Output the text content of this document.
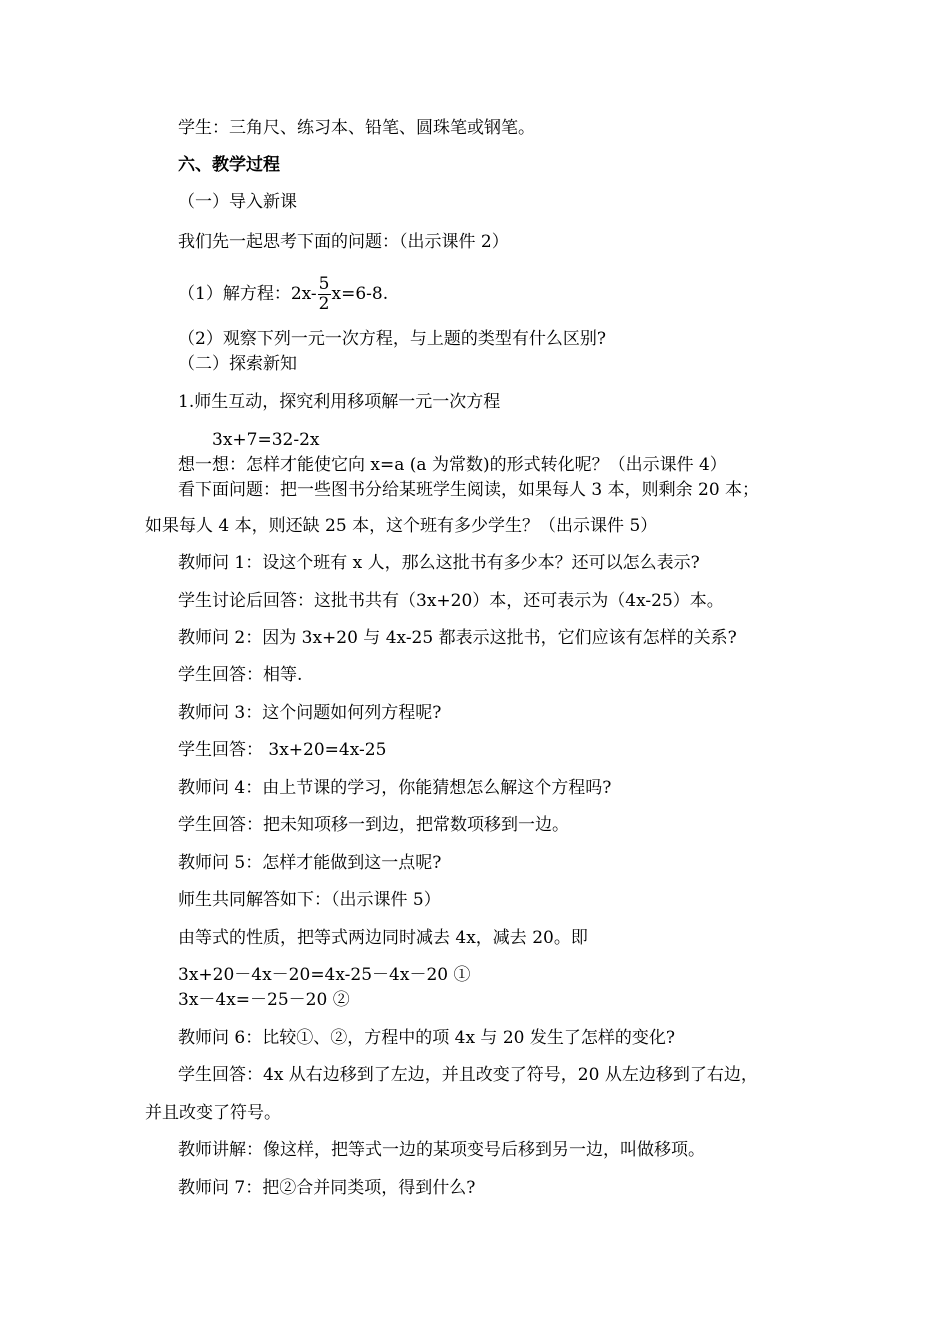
学生：三角尺、练习本、铅笔、圆珠笔或钢笔。
六、教学过程
（一）导入新课
我们先一起思考下面的问题：（出示课件 2）
（1）解方程：$2x- \frac{5}{2} x=6-8$.
（2）观察下列一元一次方程，与上题的类型有什么区别?
（二）探索新知
1.师生互动，探究利用移项解一元一次方程
3x+7=32-2x
想一想：怎样才能使它向 x=a (a 为常数)的形式转化呢？（出示课件 4）
看下面问题：把一些图书分给某班学生阅读，如果每人 3 本，则剩余 20 本；
如果每人 4 本，则还缺 25 本，这个班有多少学生？（出示课件 5）
教师问 1：设这个班有 x 人，那么这批书有多少本？还可以怎么表示?
学生讨论后回答：这批书共有（3x+20）本，还可表示为（4x-25）本。
教师问 2：因为 3x+20 与 4x-25 都表示这批书，它们应该有怎样的关系?
学生回答：相等.
教师问 3：这个问题如何列方程呢?
学生回答： 3x+20=4x-25
教师问 4：由上节课的学习，你能猜想怎么解这个方程吗?
学生回答：把未知项移一到边，把常数项移到一边。
教师问 5：怎样才能做到这一点呢?
师生共同解答如下：（出示课件 5）
由等式的性质，把等式两边同时减去 4x，减去 20。即
3x+20－4x－20=4x-25－4x－20 ①
3x－4x=－25－20 ②
教师问 6：比较①、②，方程中的项 4x 与 20 发生了怎样的变化?
学生回答：4x 从右边移到了左边，并且改变了符号，20 从左边移到了右边，
并且改变了符号。
教师讲解：像这样，把等式一边的某项变号后移到另一边，叫做移项。
教师问 7：把②合并同类项，得到什么?
